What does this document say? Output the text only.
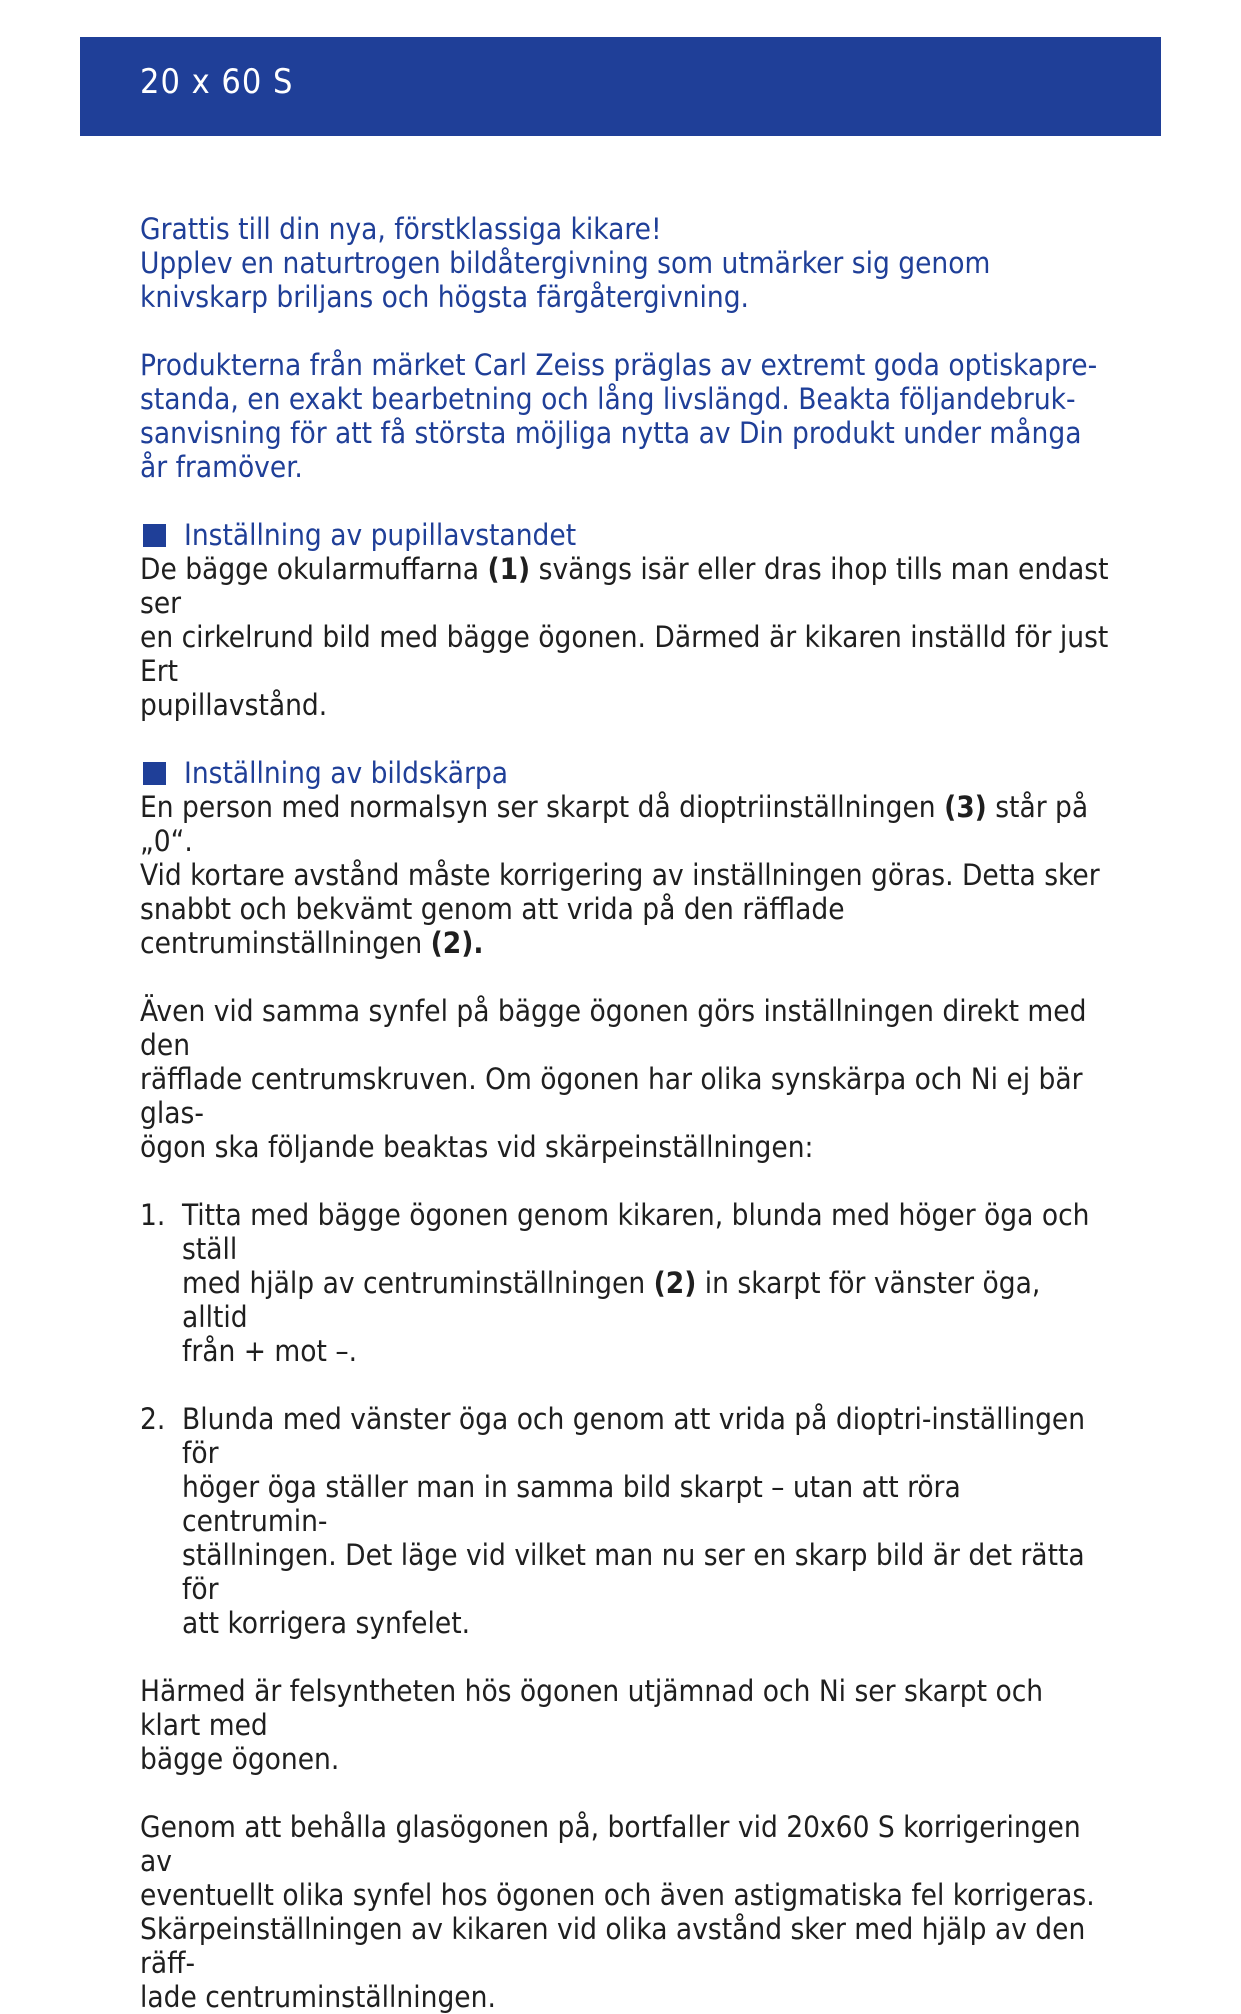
20 x 60 S
Grattis till din nya, förstklassiga kikare!
Upplev en naturtrogen bildåtergivning som utmärker sig genom
knivskarp briljans och högsta färgåtergivning.
Produkterna från märket Carl Zeiss präglas av extremt goda optiskapre-
standa, en exakt bearbetning och lång livslängd. Beakta följandebruk-
sanvisning för att få största möjliga nytta av Din produkt under många
år framöver.
Inställning av pupillavstandet
De bägge okularmuffarna (1) svängs isär eller dras ihop tills man endast ser
en cirkelrund bild med bägge ögonen. Därmed är kikaren inställd för just Ert
pupillavstånd.
Inställning av bildskärpa
En person med normalsyn ser skarpt då dioptriinställningen (3) står på „0“.
Vid kortare avstånd måste korrigering av inställningen göras. Detta sker
snabbt och bekvämt genom att vrida på den räfflade centruminställningen (2).
Även vid samma synfel på bägge ögonen görs inställningen direkt med den
räfflade centrumskruven. Om ögonen har olika synskärpa och Ni ej bär glas-
ögon ska följande beaktas vid skärpeinställningen:
1. Titta med bägge ögonen genom kikaren, blunda med höger öga och ställ
med hjälp av centruminställningen (2) in skarpt för vänster öga, alltid
från + mot –.
2. Blunda med vänster öga och genom att vrida på dioptri-inställingen för
höger öga ställer man in samma bild skarpt – utan att röra centrumin-
ställningen. Det läge vid vilket man nu ser en skarp bild är det rätta för
att korrigera synfelet.
Härmed är felsyntheten hös ögonen utjämnad och Ni ser skarpt och klart med
bägge ögonen.
Genom att behålla glasögonen på, bortfaller vid 20x60 S korrigeringen av
eventuellt olika synfel hos ögonen och även astigmatiska fel korrigeras.
Skärpeinställningen av kikaren vid olika avstånd sker med hjälp av den räff-
lade centruminställningen.
